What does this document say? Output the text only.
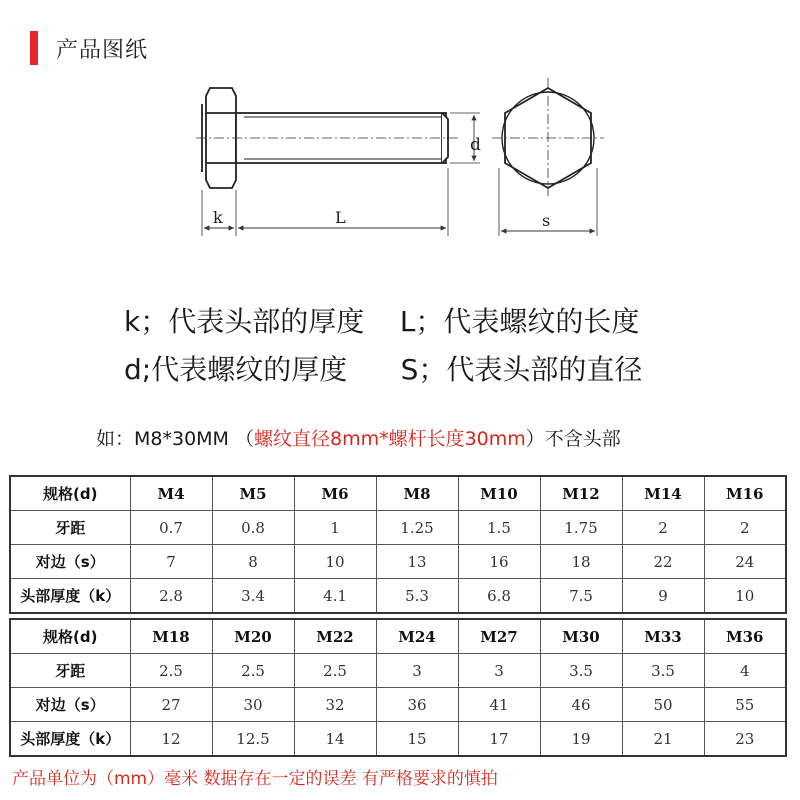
产品图纸
d
k	L	s
k；代表头部的厚度    L；代表螺纹的长度
d;代表螺纹的厚度      S；代表头部的直径
如：M8*30MM （螺纹直径8mm*螺杆长度30mm）不含头部
规格(d)	M4	M5	M6	M8	M10	M12	M14	M16
牙距	0.7	0.8	1	1.25	1.5	1.75	2	2
对边（s）	7	8	10	13	16	18	22	24
头部厚度（k）	2.8	3.4	4.1	5.3	6.8	7.5	9	10
规格(d)	M18	M20	M22	M24	M27	M30	M33	M36
牙距	2.5	2.5	2.5	3	3	3.5	3.5	4
对边（s）	27	30	32	36	41	46	50	55
头部厚度（k）	12	12.5	14	15	17	19	21	23
产品单位为（mm）毫米 数据存在一定的误差 有严格要求的慎拍
